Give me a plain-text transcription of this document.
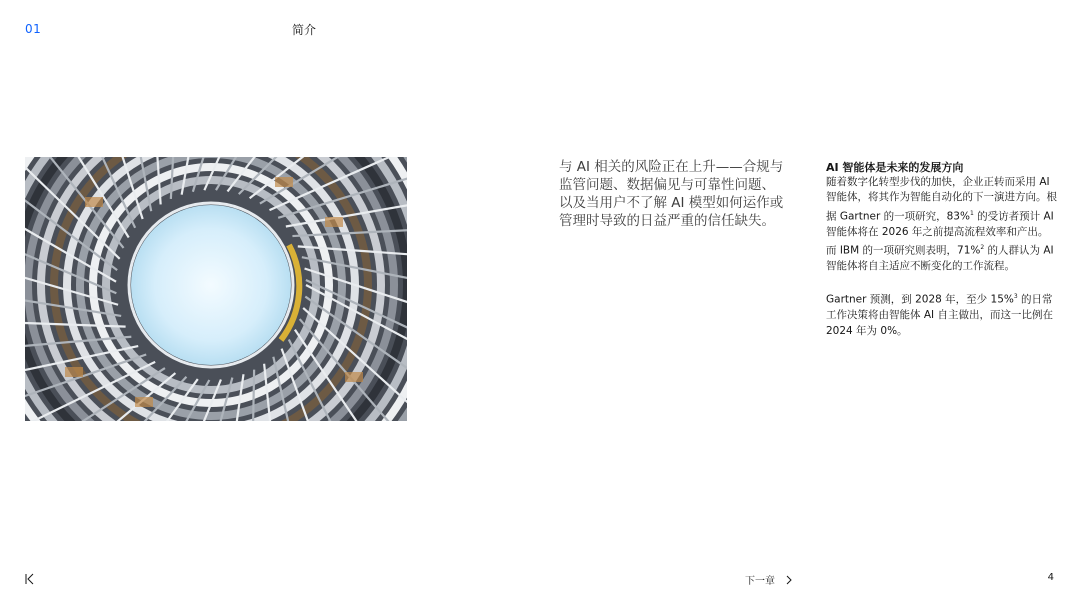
01	简介

与 AI 相关的风险正在上升——合规与监管问题、数据偏见与可靠性问题、以及当用户不了解 AI 模型如何运作或管理时导致的日益严重的信任缺失。

AI 智能体是未来的发展方向

随着数字化转型步伐的加快，企业正转而采用 AI 智能体，将其作为智能自动化的下一演进方向。根据 Gartner 的一项研究，83%$^1$ 的受访者预计 AI 智能体将在 2026 年之前提高流程效率和产出。而 IBM 的一项研究则表明，71%$^2$ 的人群认为 AI 智能体将自主适应不断变化的工作流程。

Gartner 预测，到 2028 年，至少 15%$^3$ 的日常工作决策将由智能体 AI 自主做出，而这一比例在 2024 年为 0%。

下一章	4
